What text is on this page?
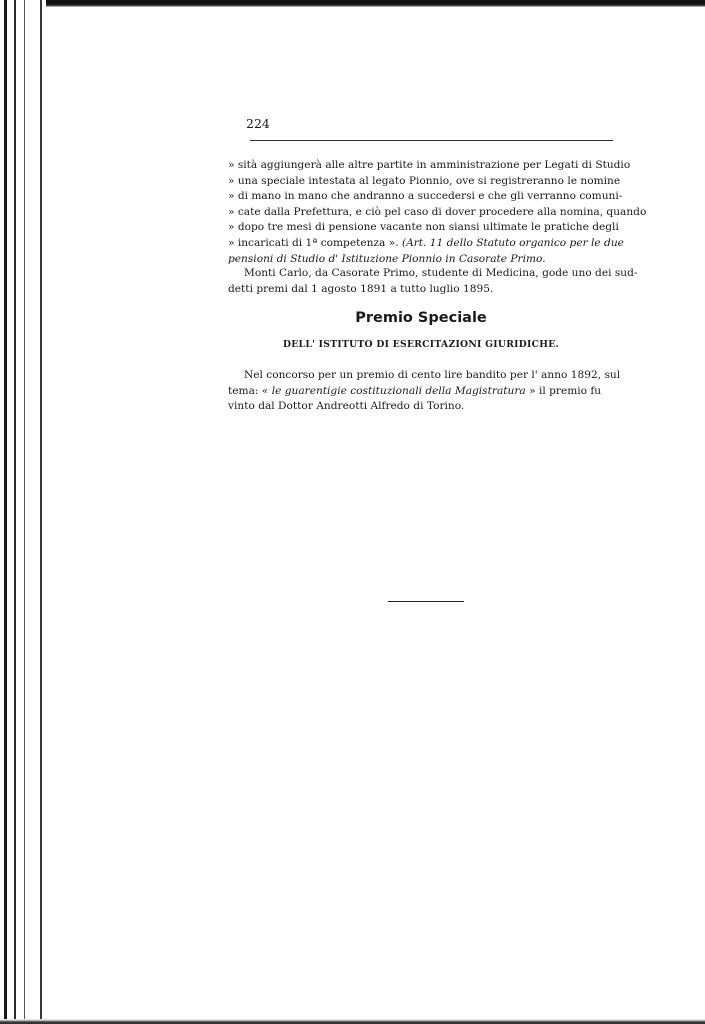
224

» sità aggiungerà alle altre partite in amministrazione per Legati di Studio
» una speciale intestata al legato Pionnio, ove si registreranno le nomine
» di mano in mano che andranno a succedersi e che gli verranno comuni-
» cate dalla Prefettura, e ciò pel caso di dover procedere alla nomina, quando
» dopo tre mesi di pensione vacante non siansi ultimate le pratiche degli
» incaricati di 1ª competenza ». (Art. 11 dello Statuto organico per le due
pensioni di Studio d' Istituzione Pionnio in Casorate Primo.

Monti Carlo, da Casorate Primo, studente di Medicina, gode uno dei sud-
detti premi dal 1 agosto 1891 a tutto luglio 1895.

Premio Speciale
DELL' ISTITUTO DI ESERCITAZIONI GIURIDICHE.

Nel concorso per un premio di cento lire bandito per l' anno 1892, sul
tema: « le guarentigie costituzionali della Magistratura » il premio fu
vinto dal Dottor Andreotti Alfredo di Torino.
